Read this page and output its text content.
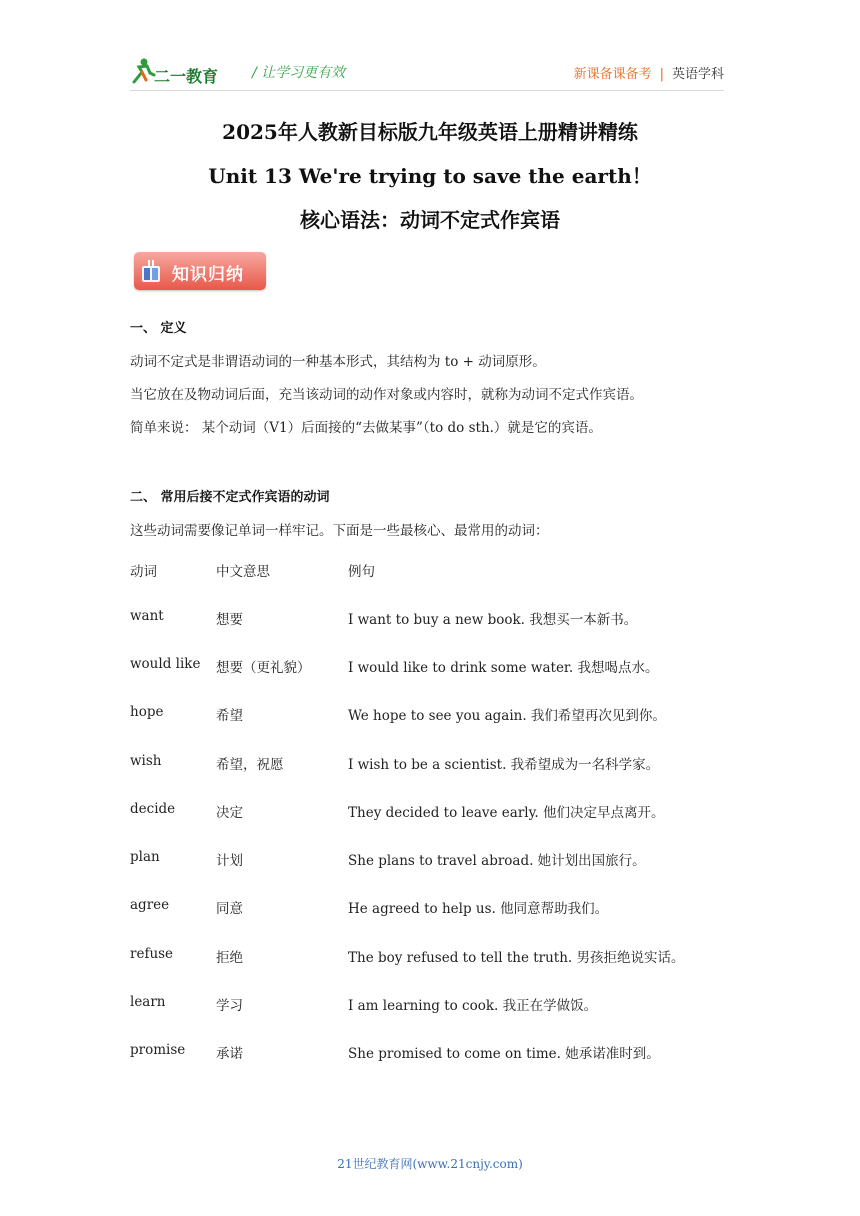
二一教育 / 让学习更有效	新课备课备考 | 英语学科
2025年人教新目标版九年级英语上册精讲精练
Unit 13 We're trying to save the earth！
核心语法：动词不定式作宾语
知识归纳
一、 定义
动词不定式是非谓语动词的一种基本形式，其结构为 to + 动词原形。
当它放在及物动词后面，充当该动词的动作对象或内容时，就称为动词不定式作宾语。
简单来说： 某个动词（V1）后面接的“去做某事”（to do sth.）就是它的宾语。
二、 常用后接不定式作宾语的动词
这些动词需要像记单词一样牢记。下面是一些最核心、最常用的动词：
动词	中文意思	例句
want	想要	I want to buy a new book. 我想买一本新书。
would like 想要（更礼貌）	I would like to drink some water. 我想喝点水。
hope	希望	We hope to see you again. 我们希望再次见到你。
wish	希望，祝愿	I wish to be a scientist. 我希望成为一名科学家。
decide	决定	They decided to leave early. 他们决定早点离开。
plan	计划	She plans to travel abroad. 她计划出国旅行。
agree	同意	He agreed to help us. 他同意帮助我们。
refuse	拒绝	The boy refused to tell the truth. 男孩拒绝说实话。
learn	学习	I am learning to cook. 我正在学做饭。
promise 承诺	She promised to come on time. 她承诺准时到。
21世纪教育网(www.21cnjy.com)
